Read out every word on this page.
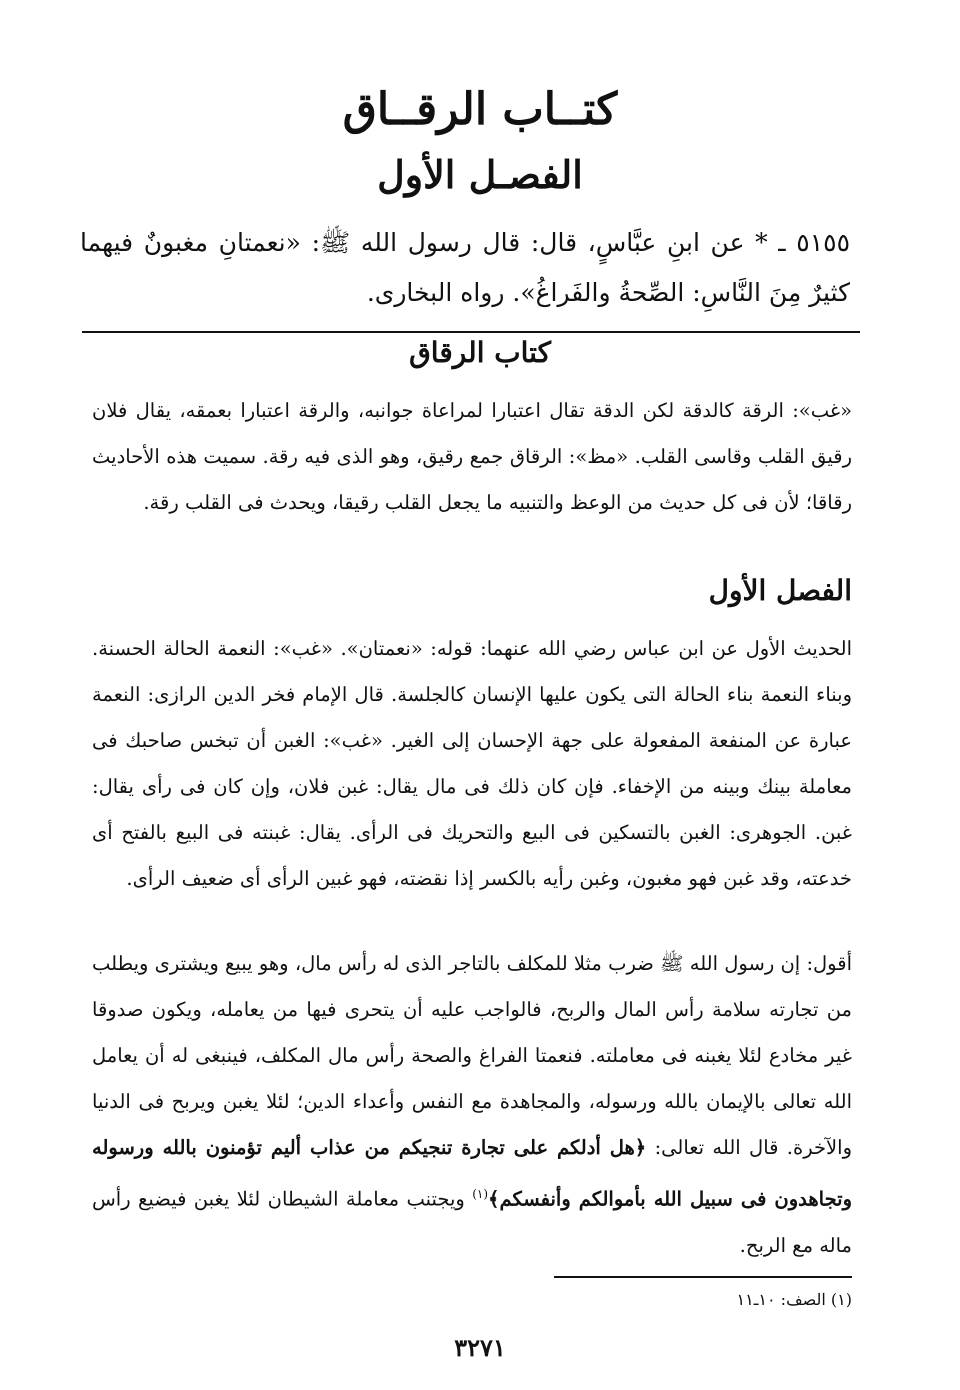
كتــاب الرقــاق
الفصـل الأول
٥١٥٥ ـ * عن ابنِ عبَّاسٍ، قال: قال رسول الله ﷺ: «نعمتانِ مغبونٌ فيهما كثيرٌ مِنَ النَّاسِ: الصِّحةُ والفَراغُ». رواه البخارى.
كتاب الرقاق
«غب»: الرقة كالدقة لكن الدقة تقال اعتبارا لمراعاة جوانبه، والرقة اعتبارا بعمقه، يقال فلان رقيق القلب وقاسى القلب. «مظ»: الرقاق جمع رقيق، وهو الذى فيه رقة. سميت هذه الأحاديث رقاقا؛ لأن فى كل حديث من الوعظ والتنبيه ما يجعل القلب رقيقا، ويحدث فى القلب رقة.
الفصل الأول
الحديث الأول عن ابن عباس رضي الله عنهما: قوله: «نعمتان». «غب»: النعمة الحالة الحسنة. وبناء النعمة بناء الحالة التى يكون عليها الإنسان كالجلسة. قال الإمام فخر الدين الرازى: النعمة عبارة عن المنفعة المفعولة على جهة الإحسان إلى الغير. «غب»: الغبن أن تبخس صاحبك فى معاملة بينك وبينه من الإخفاء. فإن كان ذلك فى مال يقال: غبن فلان، وإن كان فى رأى يقال: غبن. الجوهرى: الغبن بالتسكين فى البيع والتحريك فى الرأى. يقال: غبنته فى البيع بالفتح أى خدعته، وقد غبن فهو مغبون، وغبن رأيه بالكسر إذا نقضته، فهو غبين الرأى أى ضعيف الرأى.
أقول: إن رسول الله ﷺ ضرب مثلا للمكلف بالتاجر الذى له رأس مال، وهو يبيع ويشترى ويطلب من تجارته سلامة رأس المال والربح، فالواجب عليه أن يتحرى فيها من يعامله، ويكون صدوقا غير مخادع لئلا يغبنه فى معاملته. فنعمتا الفراغ والصحة رأس مال المكلف، فينبغى له أن يعامل الله تعالى بالإيمان بالله ورسوله، والمجاهدة مع النفس وأعداء الدين؛ لئلا يغبن ويربح فى الدنيا والآخرة. قال الله تعالى: ﴿هل أدلكم على تجارة تنجيكم من عذاب أليم تؤمنون بالله ورسوله وتجاهدون فى سبيل الله بأموالكم وأنفسكم﴾$^{(١)}$ ويجتنب معاملة الشيطان لئلا يغبن فيضيع رأس ماله مع الربح.
(١) الصف: ١٠ـ١١
٣٢٧١
